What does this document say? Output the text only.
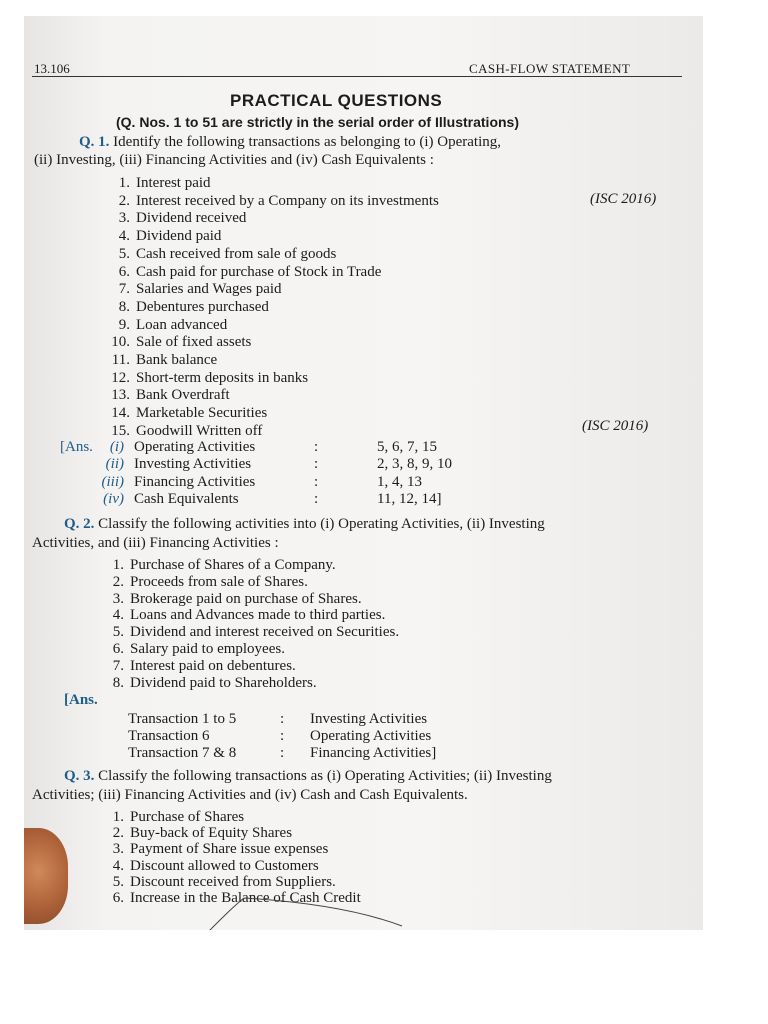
13.106	CASH-FLOW STATEMENT
PRACTICAL QUESTIONS
(Q. Nos. 1 to 51 are strictly in the serial order of Illustrations)
Q. 1. Identify the following transactions as belonging to (i) Operating,
(ii) Investing, (iii) Financing Activities and (iv) Cash Equivalents :
1. Interest paid
2. Interest received by a Company on its investments
3. Dividend received
4. Dividend paid
5. Cash received from sale of goods
6. Cash paid for purchase of Stock in Trade
7. Salaries and Wages paid
8. Debentures purchased
9. Loan advanced
10. Sale of fixed assets
11. Bank balance
12. Short-term deposits in banks
13. Bank Overdraft
14. Marketable Securities
15. Goodwill Written off
(ISC 2016)
(ISC 2016)
[Ans.	(i) Operating Activities	:	5, 6, 7, 15
(ii) Investing Activities	:	2, 3, 8, 9, 10
(iii) Financing Activities	:	1, 4, 13
(iv) Cash Equivalents	:	11, 12, 14]
Q. 2. Classify the following activities into (i) Operating Activities, (ii) Investing
Activities, and (iii) Financing Activities :
1. Purchase of Shares of a Company.
2. Proceeds from sale of Shares.
3. Brokerage paid on purchase of Shares.
4. Loans and Advances made to third parties.
5. Dividend and interest received on Securities.
6. Salary paid to employees.
7. Interest paid on debentures.
8. Dividend paid to Shareholders.
[Ans.
Transaction 1 to 5	: Investing Activities
Transaction 6	: Operating Activities
Transaction 7 & 8	: Financing Activities]
Q. 3. Classify the following transactions as (i) Operating Activities; (ii) Investing
Activities; (iii) Financing Activities and (iv) Cash and Cash Equivalents.
1. Purchase of Shares
2. Buy-back of Equity Shares
3. Payment of Share issue expenses
4. Discount allowed to Customers
5. Discount received from Suppliers.
6. Increase in the Balance of Cash Credit
